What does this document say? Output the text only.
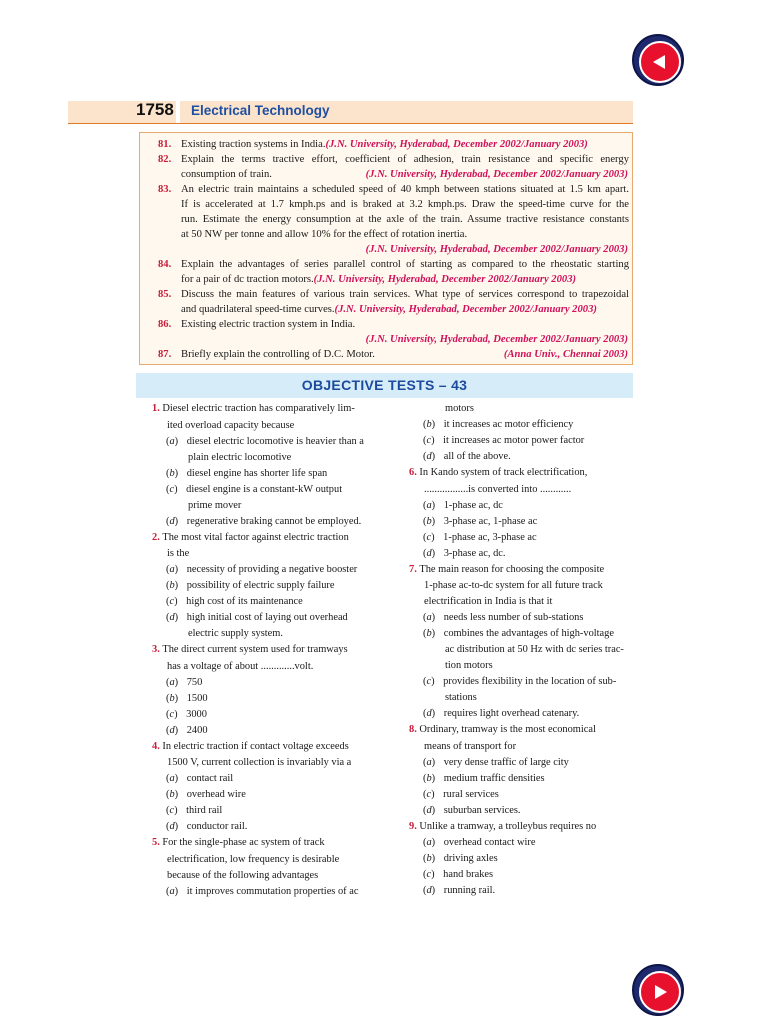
1758 Electrical Technology
81. Existing traction systems in India.(J.N. University, Hyderabad, December 2002/January 2003)
82. Explain the terms tractive effort, coefficient of adhesion, train resistance and specific energy
consumption of train.	(J.N. University, Hyderabad, December 2002/January 2003)
83. An electric train maintains a scheduled speed of 40 kmph between stations situated at 1.5 km apart.
If is accelerated at 1.7 kmph.ps and is braked at 3.2 kmph.ps. Draw the speed-time curve for the
run. Estimate the energy consumption at the axle of the train. Assume tractive resistance constants
at 50 NW per tonne and allow 10% for the effect of rotation inertia.
(J.N. University, Hyderabad, December 2002/January 2003)
84. Explain the advantages of series parallel control of starting as compared to the rheostatic starting
for a pair of dc traction motors.(J.N. University, Hyderabad, December 2002/January 2003)
85. Discuss the main features of various train services. What type of services correspond to trapezoidal
and quadrilateral speed-time curves.(J.N. University, Hyderabad, December 2002/January 2003)
86. Existing electric traction system in India.
(J.N. University, Hyderabad, December 2002/January 2003)
87. Briefly explain the controlling of D.C. Motor.	(Anna Univ., Chennai 2003)
OBJECTIVE TESTS – 43
1. Diesel electric traction has comparatively lim-
ited overload capacity because
(a) diesel electric locomotive is heavier than a
plain electric locomotive
(b) diesel engine has shorter life span
(c) diesel engine is a constant-kW output
prime mover
(d) regenerative braking cannot be employed.
2. The most vital factor against electric traction
is the
(a) necessity of providing a negative booster
(b) possibility of electric supply failure
(c) high cost of its maintenance
(d) high initial cost of laying out overhead
electric supply system.
3. The direct current system used for tramways
has a voltage of about .............volt.
(a) 750
(b) 1500
(c) 3000
(d) 2400
4. In electric traction if contact voltage exceeds
1500 V, current collection is invariably via a
(a) contact rail
(b) overhead wire
(c) third rail
(d) conductor rail.
5. For the single-phase ac system of track
electrification, low frequency is desirable
because of the following advantages
(a) it improves commutation properties of ac
motors
(b) it increases ac motor efficiency
(c) it increases ac motor power factor
(d) all of the above.
6. In Kando system of track electrification,
.................is converted into ............
(a) 1-phase ac, dc
(b) 3-phase ac, 1-phase ac
(c) 1-phase ac, 3-phase ac
(d) 3-phase ac, dc.
7. The main reason for choosing the composite
1-phase ac-to-dc system for all future track
electrification in India is that it
(a) needs less number of sub-stations
(b) combines the advantages of high-voltage
ac distribution at 50 Hz with dc series trac-
tion motors
(c) provides flexibility in the location of sub-
stations
(d) requires light overhead catenary.
8. Ordinary, tramway is the most economical
means of transport for
(a) very dense traffic of large city
(b) medium traffic densities
(c) rural services
(d) suburban services.
9. Unlike a tramway, a trolleybus requires no
(a) overhead contact wire
(b) driving axles
(c) hand brakes
(d) running rail.
